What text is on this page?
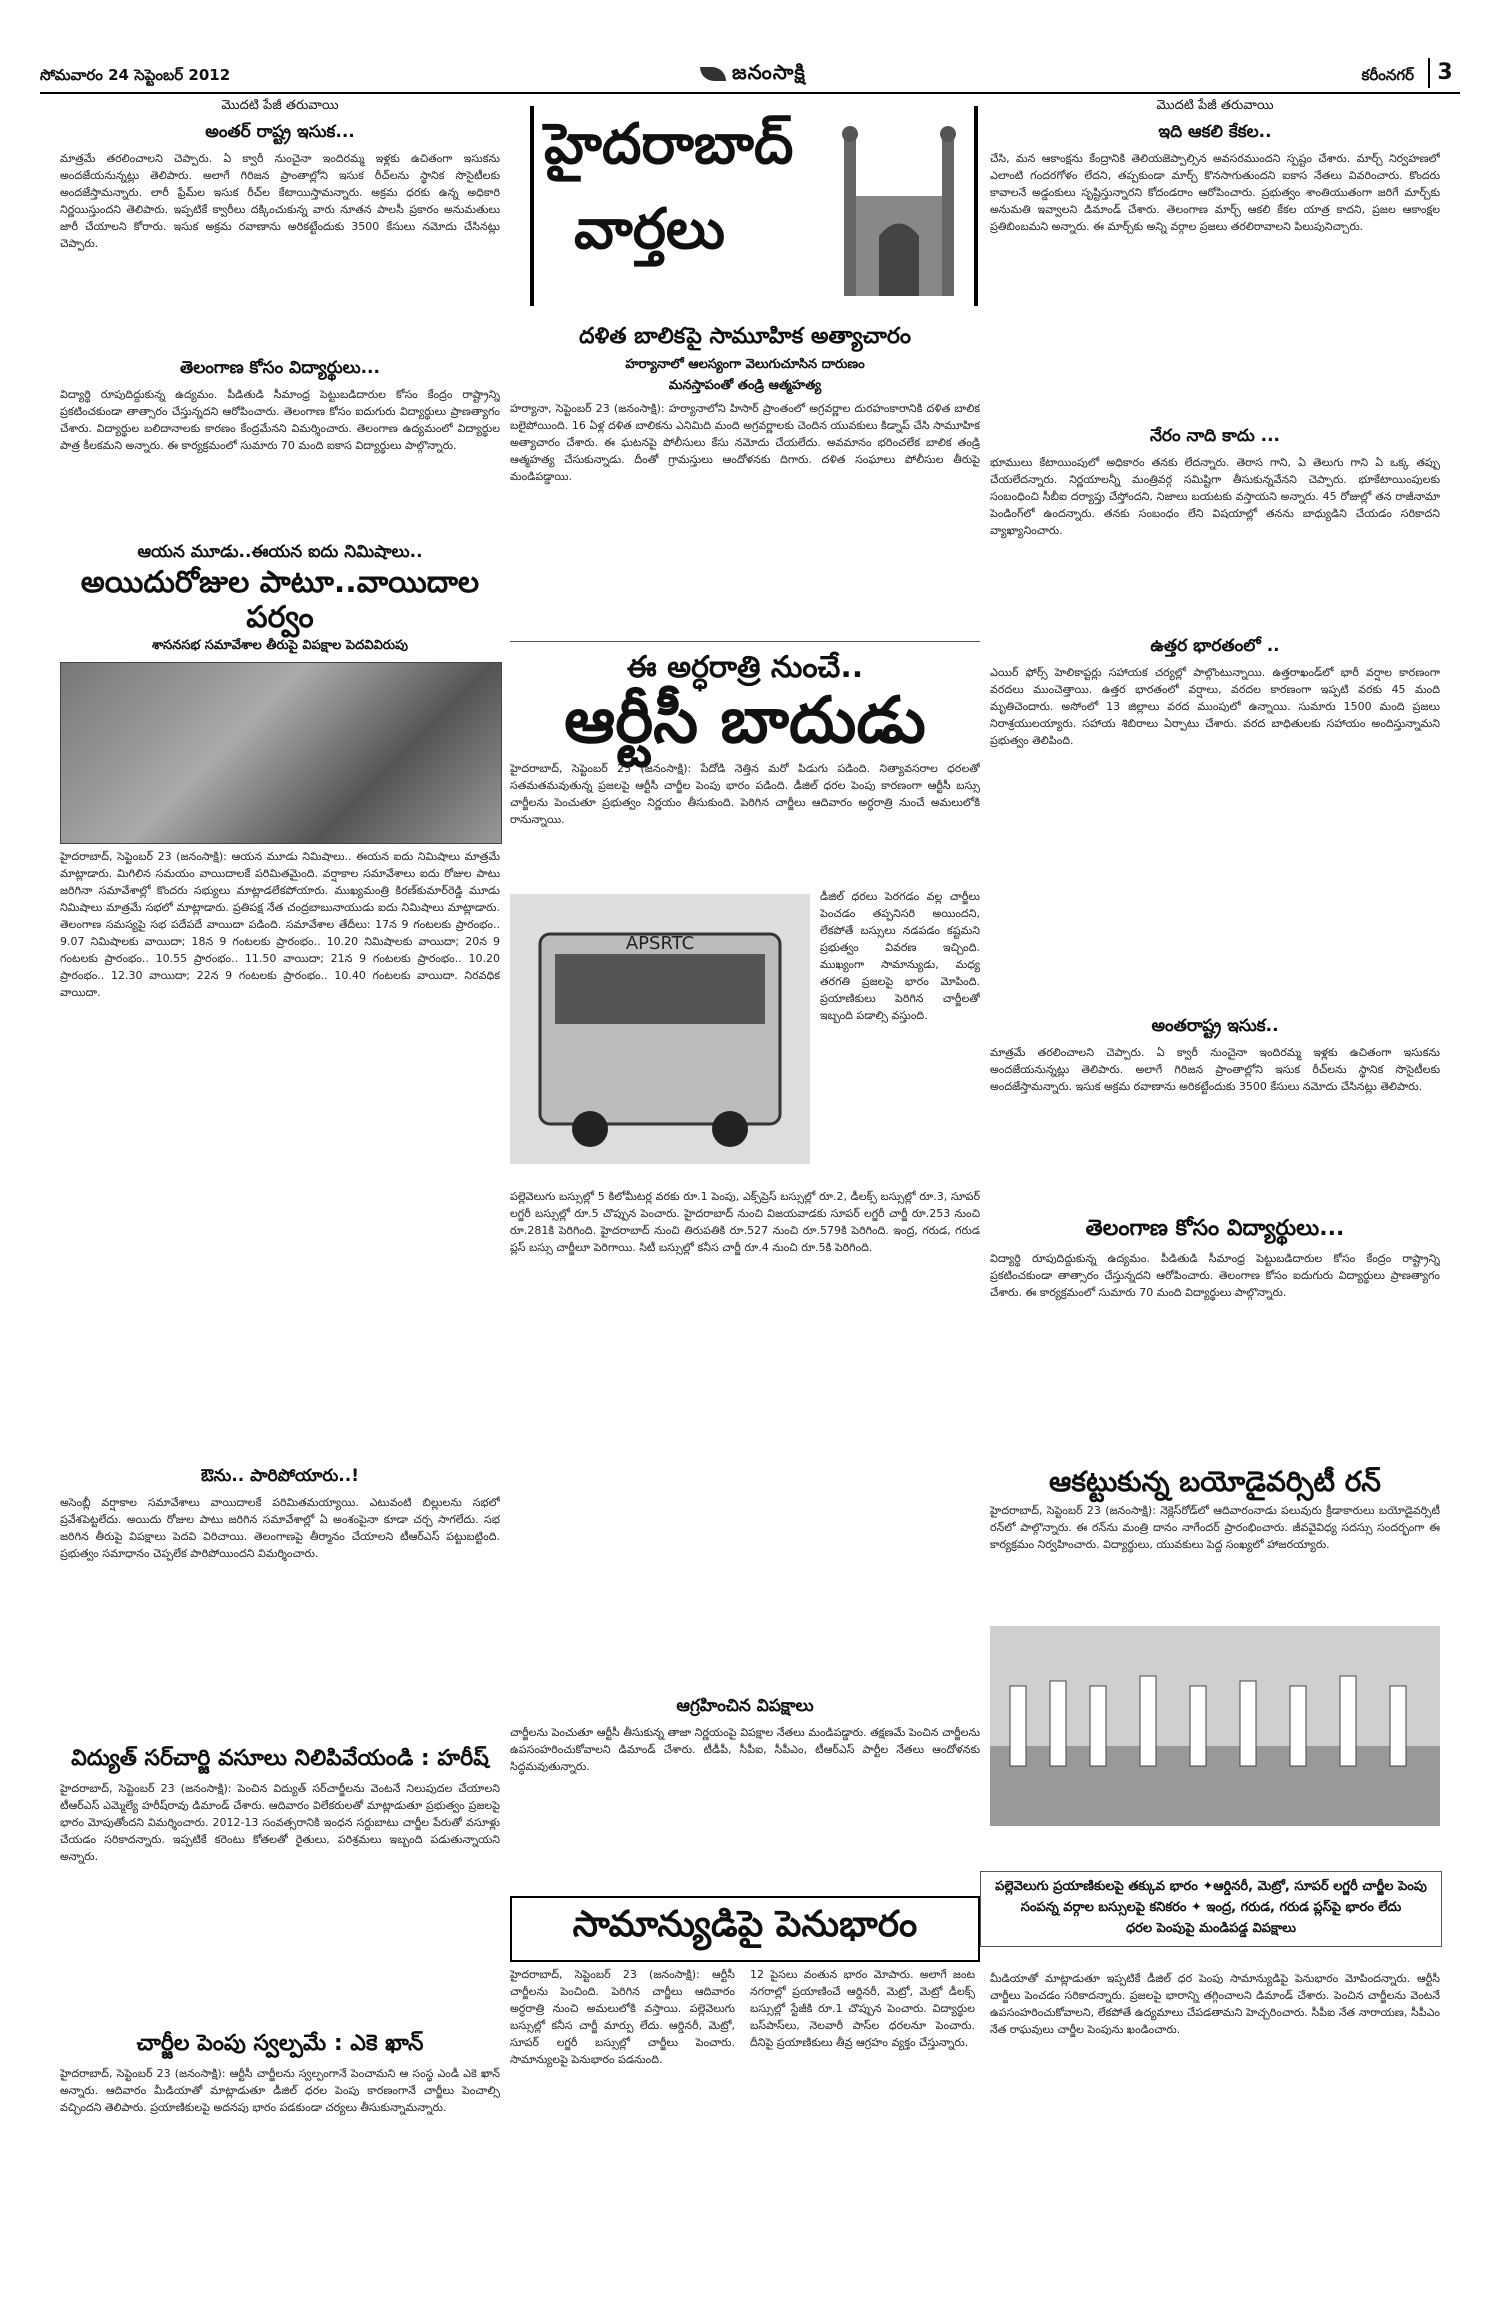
సోమవారం 24 సెప్టెంబర్ 2012	జనంసాక్షి	కరీంనగర్	3
మొదటి పేజీ తరువాయి
అంతర్ రాష్ట్ర ఇసుక...
మాత్రమే తరలించాలని చెప్పారు. ఏ క్వారీ నుంచైనా ఇందిరమ్మ ఇళ్లకు ఉచితంగా ఇసుకను అందజేయనున్నట్లు తెలిపారు. అలాగే గిరిజన ప్రాంతాల్లోని ఇసుక రీచ్‌లను స్థానిక సొసైటీలకు అందజేస్తామన్నారు. లారీ ఫ్రేమ్‌ల ఇసుక రీచ్‌ల కేటాయిస్తామన్నారు. అక్రమ ధరకు ఉన్న అధికారి నిర్ణయిస్తుందని తెలిపారు. ఇప్పటికే క్వారీలు దక్కించుకున్న వారు నూతన పాలసీ ప్రకారం అనుమతులు జారీ చేయాలని కోరారు. ఇసుక అక్రమ రవాణాను అరికట్టేందుకు 3500 కేసులు నమోదు చేసినట్లు చెప్పారు.
తెలంగాణ కోసం విద్యార్థులు...
విద్యార్థి రూపుదిద్దుకున్న ఉద్యమం. పీడితుడి సీమాంధ్ర పెట్టుబడిదారుల కోసం కేంద్రం రాష్ట్రాన్ని ప్రకటించకుండా తాత్సారం చేస్తున్నదని ఆరోపించారు. తెలంగాణ కోసం ఐదుగురు విద్యార్థులు ప్రాణత్యాగం చేశారు. విద్యార్థుల బలిదానాలకు కారణం కేంద్రమేనని విమర్శించారు. తెలంగాణ ఉద్యమంలో విద్యార్థుల పాత్ర కీలకమని అన్నారు. ఈ కార్యక్రమంలో సుమారు 70 మంది ఐకాస విద్యార్థులు పాల్గొన్నారు.
ఆయన మూడు..ఈయన ఐదు నిమిషాలు..
అయిదురోజుల పాటూ..వాయిదాల పర్వం
శాసనసభ సమావేశాల తీరుపై విపక్షాల పెదవివిరుపు
హైదరాబాద్, సెప్టెంబర్ 23 (జనంసాక్షి): ఆయన మూడు నిమిషాలు.. ఈయన ఐదు నిమిషాలు మాత్రమే మాట్లాడారు. మిగిలిన సమయం వాయిదాలకే పరిమితమైంది. వర్షాకాల సమావేశాలు ఐదు రోజుల పాటు జరిగినా సమావేశాల్లో కొందరు సభ్యులు మాట్లాడలేకపోయారు. ముఖ్యమంత్రి కిరణ్‌కుమార్‌రెడ్డి మూడు నిమిషాలు మాత్రమే సభలో మాట్లాడారు. ప్రతిపక్ష నేత చంద్రబాబునాయుడు ఐదు నిమిషాలు మాట్లాడారు. తెలంగాణ సమస్యపై సభ పదేపదే వాయిదా పడింది. సమావేశాల తేదీలు: 17న 9 గంటలకు ప్రారంభం.. 9.07 నిమిషాలకు వాయిదా; 18న 9 గంటలకు ప్రారంభం.. 10.20 నిమిషాలకు వాయిదా; 20న 9 గంటలకు ప్రారంభం.. 10.55 ప్రారంభం.. 11.50 వాయిదా; 21న 9 గంటలకు ప్రారంభం.. 10.20 ప్రారంభం.. 12.30 వాయిదా; 22న 9 గంటలకు ప్రారంభం.. 10.40 గంటలకు వాయిదా. నిరవధిక వాయిదా.
ఔను.. పారిపోయారు..!
అసెంబ్లీ వర్షాకాల సమావేశాలు వాయిదాలకే పరిమితమయ్యాయి. ఎటువంటి బిల్లులను సభలో ప్రవేశపెట్టలేదు. అయిదు రోజుల పాటు జరిగిన సమావేశాల్లో ఏ అంశంపైనా కూడా చర్చ సాగలేదు. సభ జరిగిన తీరుపై విపక్షాలు పెదవి విరిచాయి. తెలంగాణపై తీర్మానం చేయాలని టీఆర్‌ఎస్ పట్టుబట్టింది. ప్రభుత్వం సమాధానం చెప్పలేక పారిపోయిందని విమర్శించారు.
విద్యుత్ సర్‌చార్జి వసూలు నిలిపివేయండి : హరీష్
హైదరాబాద్, సెప్టెంబర్ 23 (జనంసాక్షి): పెంచిన విద్యుత్ సర్‌చార్జీలను వెంటనే నిలుపుదల చేయాలని టీఆర్‌ఎస్ ఎమ్మెల్యే హరీష్‌రావు డిమాండ్ చేశారు. ఆదివారం విలేకరులతో మాట్లాడుతూ ప్రభుత్వం ప్రజలపై భారం మోపుతోందని విమర్శించారు. 2012-13 సంవత్సరానికి ఇంధన సర్దుబాటు చార్జీల పేరుతో వసూళ్లు చేయడం సరికాదన్నారు. ఇప్పటికే కరెంటు కోతలతో రైతులు, పరిశ్రమలు ఇబ్బంది పడుతున్నాయని అన్నారు.
చార్జీల పెంపు స్వల్పమే : ఎకె ఖాన్
హైదరాబాద్, సెప్టెంబర్ 23 (జనంసాక్షి): ఆర్టీసీ చార్జీలను స్వల్పంగానే పెంచామని ఆ సంస్థ ఎండీ ఎకె ఖాన్ అన్నారు. ఆదివారం మీడియాతో మాట్లాడుతూ డీజిల్ ధరల పెంపు కారణంగానే చార్జీలు పెంచాల్సి వచ్చిందని తెలిపారు. ప్రయాణికులపై అదనపు భారం పడకుండా చర్యలు తీసుకున్నామన్నారు.
హైదరాబాద్
వార్తలు
దళిత బాలికపై సామూహిక అత్యాచారం
హర్యానాలో ఆలస్యంగా వెలుగుచూసిన దారుణం
మనస్తాపంతో తండ్రి ఆత్మహత్య
హర్యానా, సెప్టెంబర్ 23 (జనంసాక్షి): హర్యానాలోని హిసార్ ప్రాంతంలో అగ్రవర్ణాల దురహంకారానికి దళిత బాలిక బలైపోయింది. 16 ఏళ్ల దళిత బాలికను ఎనిమిది మంది అగ్రవర్ణాలకు చెందిన యువకులు కిడ్నాప్ చేసి సామూహిక అత్యాచారం చేశారు. ఈ ఘటనపై పోలీసులు కేసు నమోదు చేయలేదు. అవమానం భరించలేక బాలిక తండ్రి ఆత్మహత్య చేసుకున్నాడు. దీంతో గ్రామస్తులు ఆందోళనకు దిగారు. దళిత సంఘాలు పోలీసుల తీరుపై మండిపడ్డాయి.
ఈ అర్ధరాత్రి నుంచే..
ఆర్టీసీ బాదుడు
హైదరాబాద్, సెప్టెంబర్ 23 (జనంసాక్షి): పేదోడి నెత్తిన మరో పిడుగు పడింది. నిత్యావసరాల ధరలతో సతమతమవుతున్న ప్రజలపై ఆర్టీసీ చార్జీల పెంపు భారం పడింది. డీజిల్ ధరల పెంపు కారణంగా ఆర్టీసీ బస్సు చార్జీలను పెంచుతూ ప్రభుత్వం నిర్ణయం తీసుకుంది. పెరిగిన చార్జీలు ఆదివారం అర్ధరాత్రి నుంచే అమలులోకి రానున్నాయి.
APSRTC
డీజిల్ ధరలు పెరగడం వల్ల చార్జీలు పెంచడం తప్పనిసరి అయిందని, లేకపోతే బస్సులు నడపడం కష్టమని ప్రభుత్వం వివరణ ఇచ్చింది. ముఖ్యంగా సామాన్యుడు, మధ్య తరగతి ప్రజలపై భారం మోపింది. ప్రయాణికులు పెరిగిన చార్జీలతో ఇబ్బంది పడాల్సి వస్తుంది.
పల్లెవెలుగు బస్సుల్లో 5 కిలోమీటర్ల వరకు రూ.1 పెంపు, ఎక్స్‌ప్రెస్ బస్సుల్లో రూ.2, డీలక్స్ బస్సుల్లో రూ.3, సూపర్ లగ్జరీ బస్సుల్లో రూ.5 చొప్పున పెంచారు. హైదరాబాద్ నుంచి విజయవాడకు సూపర్ లగ్జరీ చార్జీ రూ.253 నుంచి రూ.281కి పెరిగింది. హైదరాబాద్ నుంచి తిరుపతికి రూ.527 నుంచి రూ.579కి పెరిగింది. ఇంద్ర, గరుడ, గరుడ ప్లస్ బస్సు చార్జీలూ పెరిగాయి. సిటీ బస్సుల్లో కనీస చార్జీ రూ.4 నుంచి రూ.5కి పెరిగింది.
ఆగ్రహించిన విపక్షాలు
చార్జీలను పెంచుతూ ఆర్టీసీ తీసుకున్న తాజా నిర్ణయంపై విపక్షాల నేతలు మండిపడ్డారు. తక్షణమే పెంచిన చార్జీలను ఉపసంహరించుకోవాలని డిమాండ్ చేశారు. టీడీపీ, సీపీఐ, సీపీఎం, టీఆర్‌ఎస్ పార్టీల నేతలు ఆందోళనకు సిద్ధమవుతున్నారు.
సామాన్యుడిపై పెనుభారం
హైదరాబాద్, సెప్టెంబర్ 23 (జనంసాక్షి): ఆర్టీసీ చార్జీలను పెంచింది. పెరిగిన చార్జీలు ఆదివారం అర్ధరాత్రి నుంచి అమలులోకి వస్తాయి. పల్లెవెలుగు బస్సుల్లో కనీస చార్జీ మార్పు లేదు. ఆర్డినరీ, మెట్రో, సూపర్ లగ్జరీ బస్సుల్లో చార్జీలు పెంచారు. సామాన్యులపై పెనుభారం పడనుంది.
12 పైసలు వంతున భారం మోపారు. అలాగే జంట నగరాల్లో ప్రయాణించే ఆర్డినరీ, మెట్రో, మెట్రో డీలక్స్ బస్సుల్లో స్టేజీకి రూ.1 చొప్పున పెంచారు. విద్యార్థుల బస్‌పాస్‌లు, నెలవారీ పాస్‌ల ధరలనూ పెంచారు. దీనిపై ప్రయాణికులు తీవ్ర ఆగ్రహం వ్యక్తం చేస్తున్నారు.
మొదటి పేజీ తరువాయి
ఇది ఆకలి కేకల..
చేసి, మన ఆకాంక్షను కేంద్రానికి తెలియజెప్పాల్సిన అవసరముందని స్పష్టం చేశారు. మార్చ్ నిర్వహణలో ఎలాంటి గందరగోళం లేదని, తప్పకుండా మార్చ్ కొనసాగుతుందని ఐకాస నేతలు వివరించారు. కొందరు కావాలనే అడ్డంకులు సృష్టిస్తున్నారని కోదండరాం ఆరోపించారు. ప్రభుత్వం శాంతియుతంగా జరిగే మార్చ్‌కు అనుమతి ఇవ్వాలని డిమాండ్ చేశారు. తెలంగాణ మార్చ్ ఆకలి కేకల యాత్ర కాదని, ప్రజల ఆకాంక్షల ప్రతిబింబమని అన్నారు. ఈ మార్చ్‌కు అన్ని వర్గాల ప్రజలు తరలిరావాలని పిలుపునిచ్చారు.
నేరం నాది కాదు ...
భూములు కేటాయింపులో అధికారం తనకు లేదన్నారు. తెరాస గాని, ఏ తెలుగు గాని ఏ ఒక్క తప్పు చేయలేదన్నారు. నిర్ణయాలన్నీ మంత్రివర్గ సమిష్టిగా తీసుకున్నవేనని చెప్పారు. భూకేటాయింపులకు సంబంధించి సీబీఐ దర్యాప్తు చేస్తోందని, నిజాలు బయటకు వస్తాయని అన్నారు. 45 రోజుల్లో తన రాజీనామా పెండింగ్‌లో ఉందన్నారు. తనకు సంబంధం లేని విషయాల్లో తనను బాధ్యుడిని చేయడం సరికాదని వ్యాఖ్యానించారు.
ఉత్తర భారతంలో ..
ఎయిర్ ఫోర్స్ హెలికాప్టర్లు సహాయక చర్యల్లో పాల్గొంటున్నాయి. ఉత్తరాఖండ్‌లో భారీ వర్షాల కారణంగా వరదలు ముంచెత్తాయి. ఉత్తర భారతంలో వర్షాలు, వరదల కారణంగా ఇప్పటి వరకు 45 మంది మృతిచెందారు. అసోంలో 13 జిల్లాలు వరద ముంపులో ఉన్నాయి. సుమారు 1500 మంది ప్రజలు నిరాశ్రయులయ్యారు. సహాయ శిబిరాలు ఏర్పాటు చేశారు. వరద బాధితులకు సహాయం అందిస్తున్నామని ప్రభుత్వం తెలిపింది.
అంతరాష్ట్ర ఇసుక..
మాత్రమే తరలించాలని చెప్పారు. ఏ క్వారీ నుంచైనా ఇందిరమ్మ ఇళ్లకు ఉచితంగా ఇసుకను అందజేయనున్నట్లు తెలిపారు. అలాగే గిరిజన ప్రాంతాల్లోని ఇసుక రీచ్‌లను స్థానిక సొసైటీలకు అందజేస్తామన్నారు. ఇసుక అక్రమ రవాణాను అరికట్టేందుకు 3500 కేసులు నమోదు చేసినట్లు తెలిపారు.
తెలంగాణ కోసం విద్యార్థులు...
విద్యార్థి రూపుదిద్దుకున్న ఉద్యమం. పీడితుడి సీమాంధ్ర పెట్టుబడిదారుల కోసం కేంద్రం రాష్ట్రాన్ని ప్రకటించకుండా తాత్సారం చేస్తున్నదని ఆరోపించారు. తెలంగాణ కోసం ఐదుగురు విద్యార్థులు ప్రాణత్యాగం చేశారు. ఈ కార్యక్రమంలో సుమారు 70 మంది విద్యార్థులు పాల్గొన్నారు.
ఆకట్టుకున్న బయోడైవర్సిటీ రన్
హైదరాబాద్, సెప్టెంబర్ 23 (జనంసాక్షి): నెక్లెస్‌రోడ్‌లో ఆదివారంనాడు పలువురు క్రీడాకారులు బయోడైవర్సిటీ రన్‌లో పాల్గొన్నారు. ఈ రన్‌ను మంత్రి దానం నాగేందర్ ప్రారంభించారు. జీవవైవిధ్య సదస్సు సందర్భంగా ఈ కార్యక్రమం నిర్వహించారు. విద్యార్థులు, యువకులు పెద్ద సంఖ్యలో హాజరయ్యారు.
పల్లెవెలుగు ప్రయాణికులపై తక్కువ భారం ✦ఆర్డినరీ, మెట్రో, సూపర్ లగ్జరీ చార్జీల పెంపు
సంపన్న వర్గాల బస్సులపై కనికరం ✦ ఇంద్ర, గరుడ, గరుడ ప్లస్‌పై భారం లేదు
ధరల పెంపుపై మండిపడ్డ విపక్షాలు
మీడియాతో మాట్లాడుతూ ఇప్పటికే డీజిల్ ధర పెంపు సామాన్యుడిపై పెనుభారం మోపిందన్నారు. ఆర్టీసీ చార్జీలు పెంచడం సరికాదన్నారు. ప్రజలపై భారాన్ని తగ్గించాలని డిమాండ్ చేశారు. పెంచిన చార్జీలను వెంటనే ఉపసంహరించుకోవాలని, లేకపోతే ఉద్యమాలు చేపడతామని హెచ్చరించారు. సీపీఐ నేత నారాయణ, సీపీఎం నేత రాఘవులు చార్జీల పెంపును ఖండించారు.
